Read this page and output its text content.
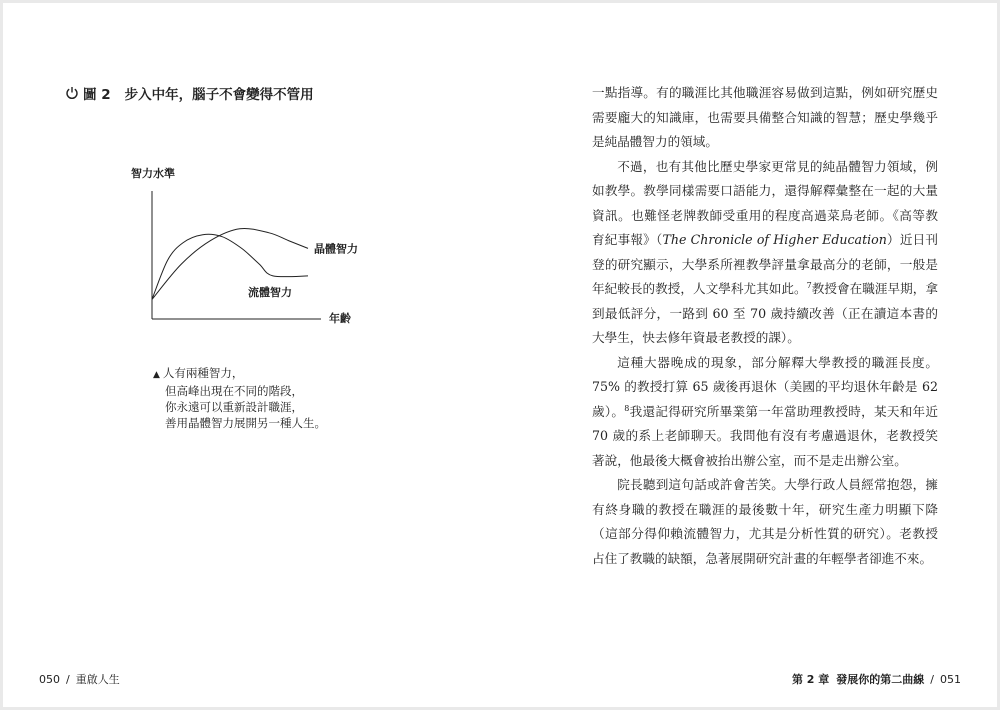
圖 2 步入中年，腦子不會變得不管用
智力水準
年齡
晶體智力
流體智力
▲ 人有兩種智力，
但高峰出現在不同的階段，
你永遠可以重新設計職涯，
善用晶體智力展開另一種人生。
050 / 重啟人生

一點指導。有的職涯比其他職涯容易做到這點，例如研究歷史需要龐大的知識庫，也需要具備整合知識的智慧；歷史學幾乎是純晶體智力的領域。

不過，也有其他比歷史學家更常見的純晶體智力領域，例如教學。教學同樣需要口語能力，還得解釋彙整在一起的大量資訊。也難怪老牌教師受重用的程度高過菜鳥老師。《高等教育紀事報》（The Chronicle of Higher Education）近日刊登的研究顯示，大學系所裡教學評量拿最高分的老師，一般是年紀較長的教授，人文學科尤其如此。$^7$教授會在職涯早期，拿到最低評分，一路到 60 至 70 歲持續改善（正在讀這本書的大學生，快去修年資最老教授的課）。

這種大器晚成的現象，部分解釋大學教授的職涯長度。75% 的教授打算 65 歲後再退休（美國的平均退休年齡是 62 歲）。$^8$我還記得研究所畢業第一年當助理教授時，某天和年近 70 歲的系上老師聊天。我問他有沒有考慮過退休，老教授笑著說，他最後大概會被抬出辦公室，而不是走出辦公室。

院長聽到這句話或許會苦笑。大學行政人員經常抱怨，擁有終身職的教授在職涯的最後數十年，研究生產力明顯下降（這部分得仰賴流體智力，尤其是分析性質的研究）。老教授占住了教職的缺額，急著展開研究計畫的年輕學者卻進不來。

第 2 章 發展你的第二曲線 / 051
